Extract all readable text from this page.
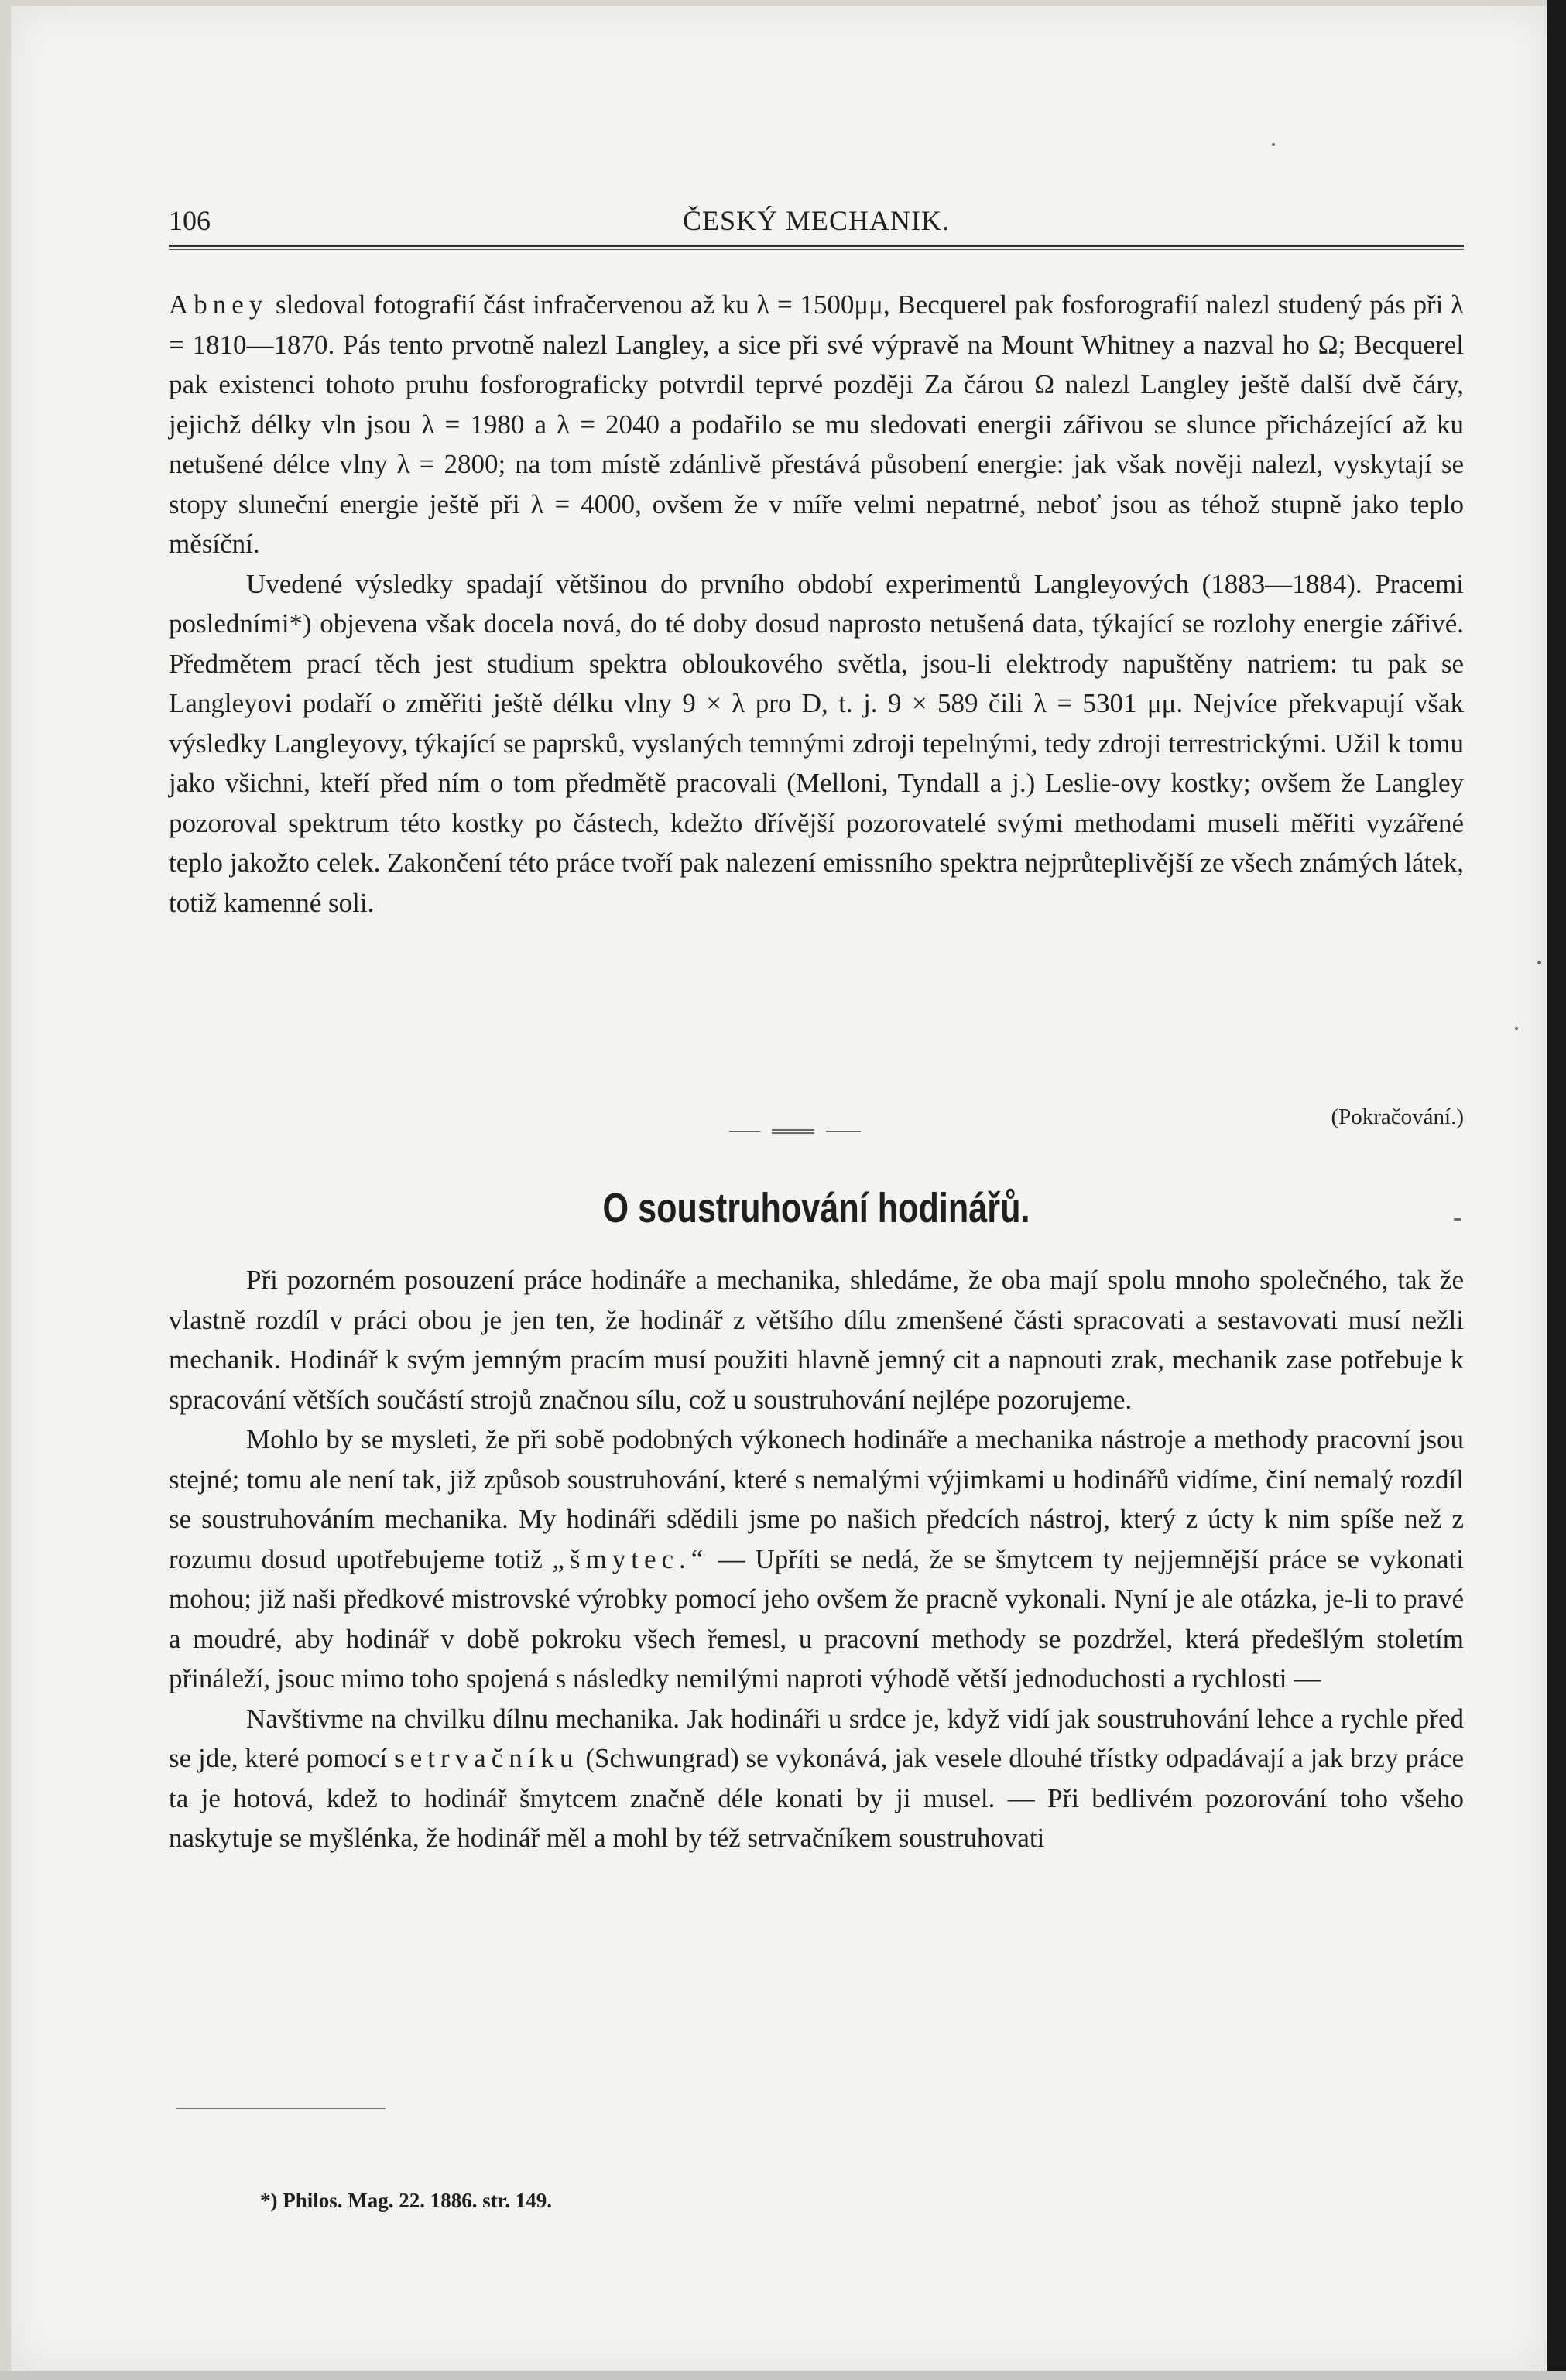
106	ČESKÝ MECHANIK.

Abney sledoval fotografií část infračervenou až ku λ = 1500μμ, Becquerel pak fosforografií nalezl studený pás při λ = 1810—1870. Pás tento prvotně nalezl Langley, a sice při své výpravě na Mount Whitney a nazval ho Ω; Becquerel pak existenci tohoto pruhu fosforograficky potvrdil teprvé později Za čárou Ω nalezl Langley ještě další dvě čáry, jejichž délky vln jsou λ = 1980 a λ = 2040 a podařilo se mu sledovati energii zářivou se slunce přicházející až ku netušené délce vlny λ = 2800; na tom místě zdánlivě přestává působení energie: jak však nověji nalezl, vyskytají se stopy sluneční energie ještě při λ = 4000, ovšem že v míře velmi nepatrné, neboť jsou as téhož stupně jako teplo měsíční.

Uvedené výsledky spadají většinou do prvního období experimentů Langleyových (1883—1884). Pracemi posledními*) objevena však docela nová, do té doby dosud naprosto netušená data, týkající se rozlohy energie zářivé. Předmětem prací těch jest studium spektra obloukového světla, jsou-li elektrody napuštěny natriem: tu pak se Langleyovi podaří o změřiti ještě délku vlny 9 × λ pro D, t. j. 9 × 589 čili λ = 5301 μμ. Nejvíce překvapují však výsledky Langleyovy, týkající se paprsků, vyslaných temnými zdroji tepelnými, tedy zdroji terrestrickými. Užil k tomu jako všichni, kteří před ním o tom předmětě pracovali (Melloni, Tyndall a j.) Leslie-ovy kostky; ovšem že Langley pozoroval spektrum této kostky po částech, kdežto dřívější pozorovatelé svými methodami museli měřiti vyzářené teplo jakožto celek. Zakončení této práce tvoří pak nalezení emissního spektra nejprůteplivější ze všech známých látek, totiž kamenné soli.

(Pokračování.)
O soustruhování hodinářů.

Při pozorném posouzení práce hodináře a mechanika, shledáme, že oba mají spolu mnoho společného, tak že vlastně rozdíl v práci obou je jen ten, že hodinář z většího dílu zmenšené části spracovati a sestavovati musí nežli mechanik. Hodinář k svým jemným pracím musí použiti hlavně jemný cit a napnouti zrak, mechanik zase potřebuje k spracování větších součástí strojů značnou sílu, což u soustruhování nejlépe pozorujeme.

Mohlo by se mysleti, že při sobě podobných výkonech hodináře a mechanika nástroje a methody pracovní jsou stejné; tomu ale není tak, již způsob soustruhování, které s nemalými výjimkami u hodinářů vidíme, činí nemalý rozdíl se soustruhováním mechanika. My hodináři sdědili jsme po našich předcích nástroj, který z úcty k nim spíše než z rozumu dosud upotřebujeme totiž „šmytec.“ — Upříti se nedá, že se šmytcem ty nejjemnější práce se vykonati mohou; již naši předkové mistrovské výrobky pomocí jeho ovšem že pracně vykonali. Nyní je ale otázka, je-li to pravé a moudré, aby hodinář v době pokroku všech řemesl, u pracovní methody se pozdržel, která předešlým stoletím přináleží, jsouc mimo toho spojená s následky nemilými naproti výhodě větší jednoduchosti a rychlosti —

Navštivme na chvilku dílnu mechanika. Jak hodináři u srdce je, když vidí jak soustruhování lehce a rychle před se jde, které pomocí setrvačníku (Schwungrad) se vykonává, jak vesele dlouhé třístky odpadávají a jak brzy práce ta je hotová, kdež to hodinář šmytcem značně déle konati by ji musel. — Při bedlivém pozorování toho všeho naskytuje se myšlénka, že hodinář měl a mohl by též setrvačníkem soustruhovati

*) Philos. Mag. 22. 1886. str. 149.
